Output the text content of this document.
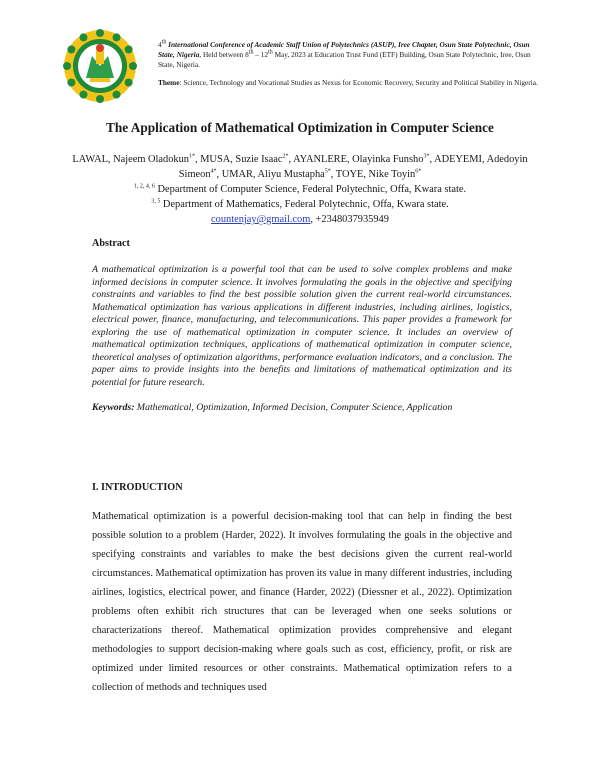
4th International Conference of Academic Staff Union of Polytechnics (ASUP), Iree Chapter, Osun State Polytechnic, Osun State, Nigeria, Held between 8th – 12th May, 2023 at Education Trust Fund (ETF) Building, Osun State Polytechnic, Iree, Osun State, Nigeria.

Theme: Science, Technology and Vocational Studies as Nexus for Economic Recovery, Security and Political Stability in Nigeria.

The Application of Mathematical Optimization in Computer Science

LAWAL, Najeem Oladokun$^{1*}$, MUSA, Suzie Isaac$^{2*}$, AYANLERE, Olayinka Funsho$^{3*}$, ADEYEMI, Adedoyin Simeon$^{4*}$, UMAR, Aliyu Mustapha$^{5*}$, TOYE, Nike Toyin$^{6*}$

$^{1, 2, 4, 6}$ Department of Computer Science, Federal Polytechnic, Offa, Kwara state.

$^{3, 5}$ Department of Mathematics, Federal Polytechnic, Offa, Kwara state.

countenjay@gmail.com, +2348037935949

Abstract

A mathematical optimization is a powerful tool that can be used to solve complex problems and make informed decisions in computer science. It involves formulating the goals in the objective and specifying constraints and variables to find the best possible solution given the current real-world circumstances. Mathematical optimization has various applications in different industries, including airlines, logistics, electrical power, finance, manufacturing, and telecommunications. This paper provides a framework for exploring the use of mathematical optimization in computer science. It includes an overview of mathematical optimization techniques, applications of mathematical optimization in computer science, theoretical analyses of optimization algorithms, performance evaluation indicators, and a conclusion. The paper aims to provide insights into the benefits and limitations of mathematical optimization and its potential for future research.

Keywords: Mathematical, Optimization, Informed Decision, Computer Science, Application

I. INTRODUCTION

Mathematical optimization is a powerful decision-making tool that can help in finding the best possible solution to a problem (Harder, 2022). It involves formulating the goals in the objective and specifying constraints and variables to make the best decisions given the current real-world circumstances. Mathematical optimization has proven its value in many different industries, including airlines, logistics, electrical power, and finance (Harder, 2022) (Diessner et al., 2022). Optimization problems often exhibit rich structures that can be leveraged when one seeks solutions or characterizations thereof. Mathematical optimization provides comprehensive and elegant methodologies to support decision-making where goals such as cost, efficiency, profit, or risk are optimized under limited resources or other constraints. Mathematical optimization refers to a collection of methods and techniques used
